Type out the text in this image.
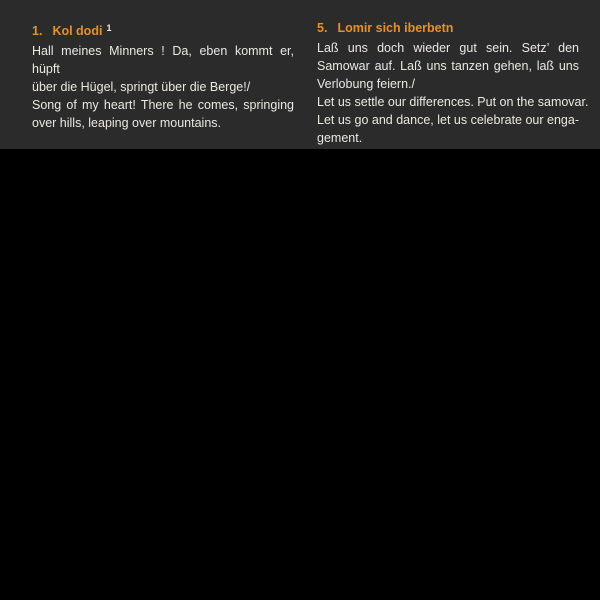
1. Kol dodi $^1$
Hall meines Minners ! Da, eben kommt er, hüpft
über die Hügel, springt über die Berge!/
Song of my heart! There he comes, springing
over hills, leaping over mountains.
5. Lomir sich iberbetn
Laß uns doch wieder gut sein. Setz’ den
Samowar auf. Laß uns tanzen gehen, laß uns
Verlobung feiern./
Let us settle our differences. Put on the samovar.
Let us go and dance, let us celebrate our enga-
gement.
